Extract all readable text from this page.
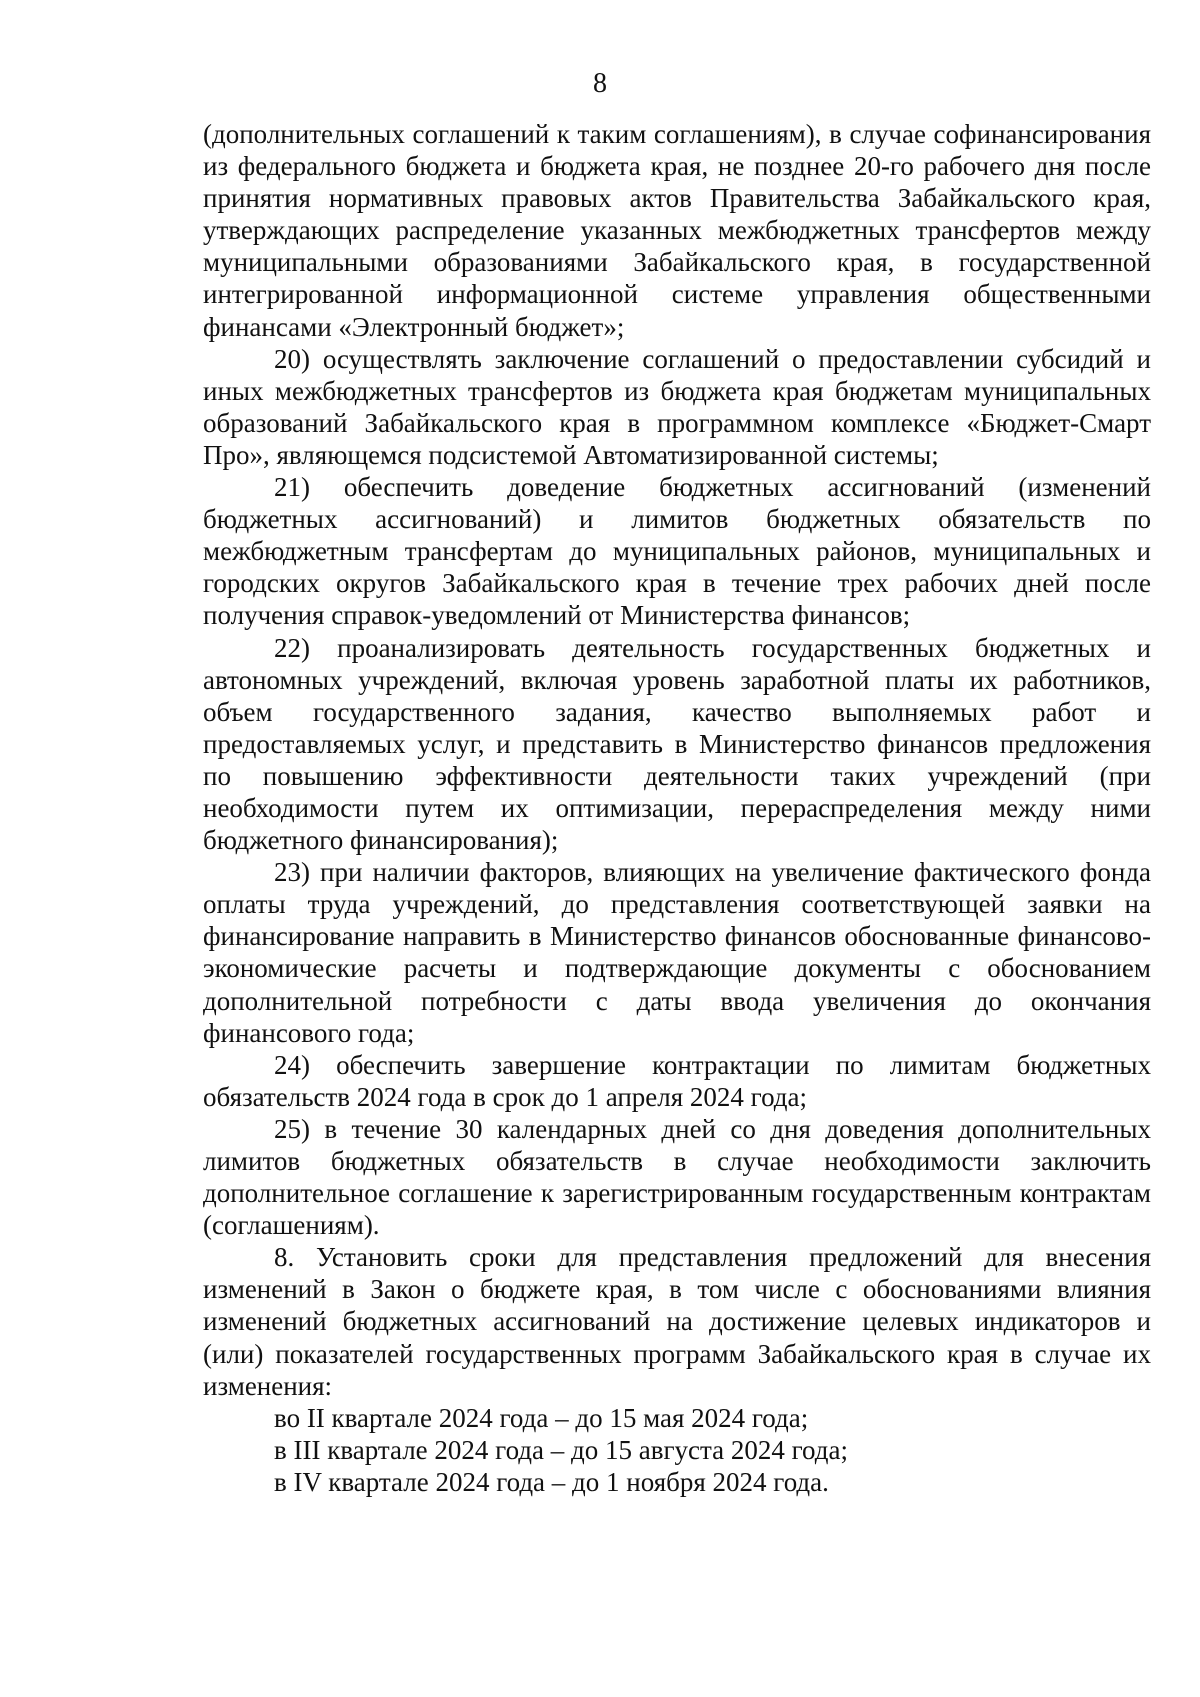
8

(дополнительных соглашений к таким соглашениям), в случае софинансирования из федерального бюджета и бюджета края, не позднее 20-го рабочего дня после принятия нормативных правовых актов Правительства Забайкальского края, утверждающих распределение указанных межбюджетных трансфертов между муниципальными образованиями Забайкальского края, в государственной интегрированной информационной системе управления общественными финансами «Электронный бюджет»;

20) осуществлять заключение соглашений о предоставлении субсидий и иных межбюджетных трансфертов из бюджета края бюджетам муниципальных образований Забайкальского края в программном комплексе «Бюджет-Смарт Про», являющемся подсистемой Автоматизированной системы;

21) обеспечить доведение бюджетных ассигнований (изменений бюджетных ассигнований) и лимитов бюджетных обязательств по межбюджетным трансфертам до муниципальных районов, муниципальных и городских округов Забайкальского края в течение трех рабочих дней после получения справок-уведомлений от Министерства финансов;

22) проанализировать деятельность государственных бюджетных и автономных учреждений, включая уровень заработной платы их работников, объем государственного задания, качество выполняемых работ и предоставляемых услуг, и представить в Министерство финансов предложения по повышению эффективности деятельности таких учреждений (при необходимости путем их оптимизации, перераспределения между ними бюджетного финансирования);

23) при наличии факторов, влияющих на увеличение фактического фонда оплаты труда учреждений, до представления соответствующей заявки на финансирование направить в Министерство финансов обоснованные финансово-экономические расчеты и подтверждающие документы с обоснованием дополнительной потребности с даты ввода увеличения до окончания финансового года;

24) обеспечить завершение контрактации по лимитам бюджетных обязательств 2024 года в срок до 1 апреля 2024 года;

25) в течение 30 календарных дней со дня доведения дополнительных лимитов бюджетных обязательств в случае необходимости заключить дополнительное соглашение к зарегистрированным государственным контрактам (соглашениям).

8. Установить сроки для представления предложений для внесения изменений в Закон о бюджете края, в том числе с обоснованиями влияния изменений бюджетных ассигнований на достижение целевых индикаторов и (или) показателей государственных программ Забайкальского края в случае их изменения:

во II квартале 2024 года – до 15 мая 2024 года;

в III квартале 2024 года – до 15 августа 2024 года;

в IV квартале 2024 года – до 1 ноября 2024 года.
